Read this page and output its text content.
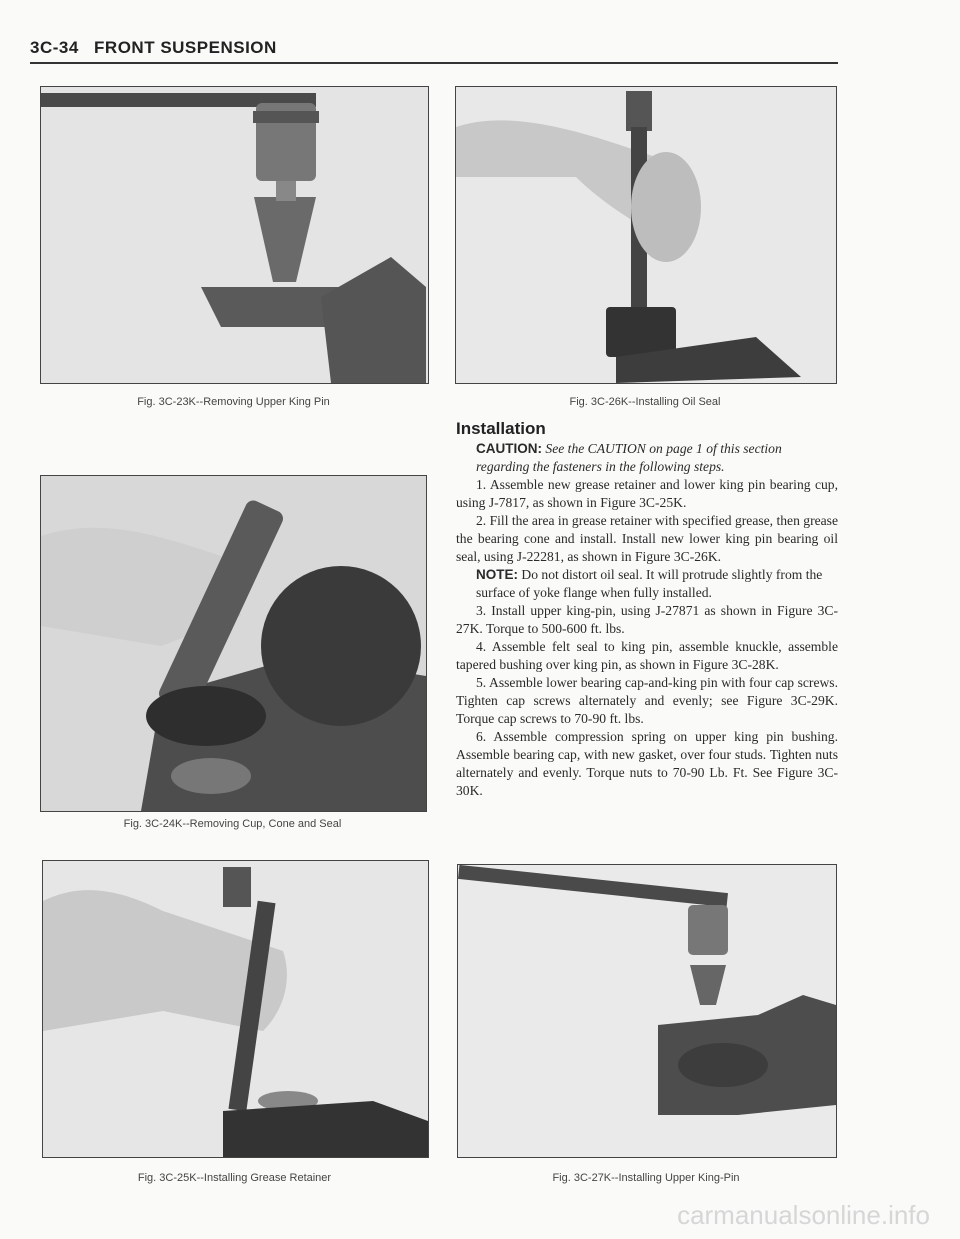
3C-34 FRONT SUSPENSION
Fig. 3C-23K--Removing Upper King Pin	Fig. 3C-26K--Installing Oil Seal
Fig. 3C-24K--Removing Cup, Cone and Seal
Fig. 3C-25K--Installing Grease Retainer	Fig. 3C-27K--Installing Upper King-Pin
Installation

CAUTION: See the CAUTION on page 1 of this section regarding the fasteners in the following steps.

1. Assemble new grease retainer and lower king pin bearing cup, using J-7817, as shown in Figure 3C-25K.

2. Fill the area in grease retainer with specified grease, then grease the bearing cone and install. Install new lower king pin bearing oil seal, using J-22281, as shown in Figure 3C-26K.

NOTE: Do not distort oil seal. It will protrude slightly from the surface of yoke flange when fully installed.

3. Install upper king-pin, using J-27871 as shown in Figure 3C-27K. Torque to 500-600 ft. lbs.

4. Assemble felt seal to king pin, assemble knuckle, assemble tapered bushing over king pin, as shown in Figure 3C-28K.

5. Assemble lower bearing cap-and-king pin with four cap screws. Tighten cap screws alternately and evenly; see Figure 3C-29K. Torque cap screws to 70-90 ft. lbs.

6. Assemble compression spring on upper king pin bushing. Assemble bearing cap, with new gasket, over four studs. Tighten nuts alternately and evenly. Torque nuts to 70-90 Lb. Ft. See Figure 3C-30K.

carmanualsonline.info
